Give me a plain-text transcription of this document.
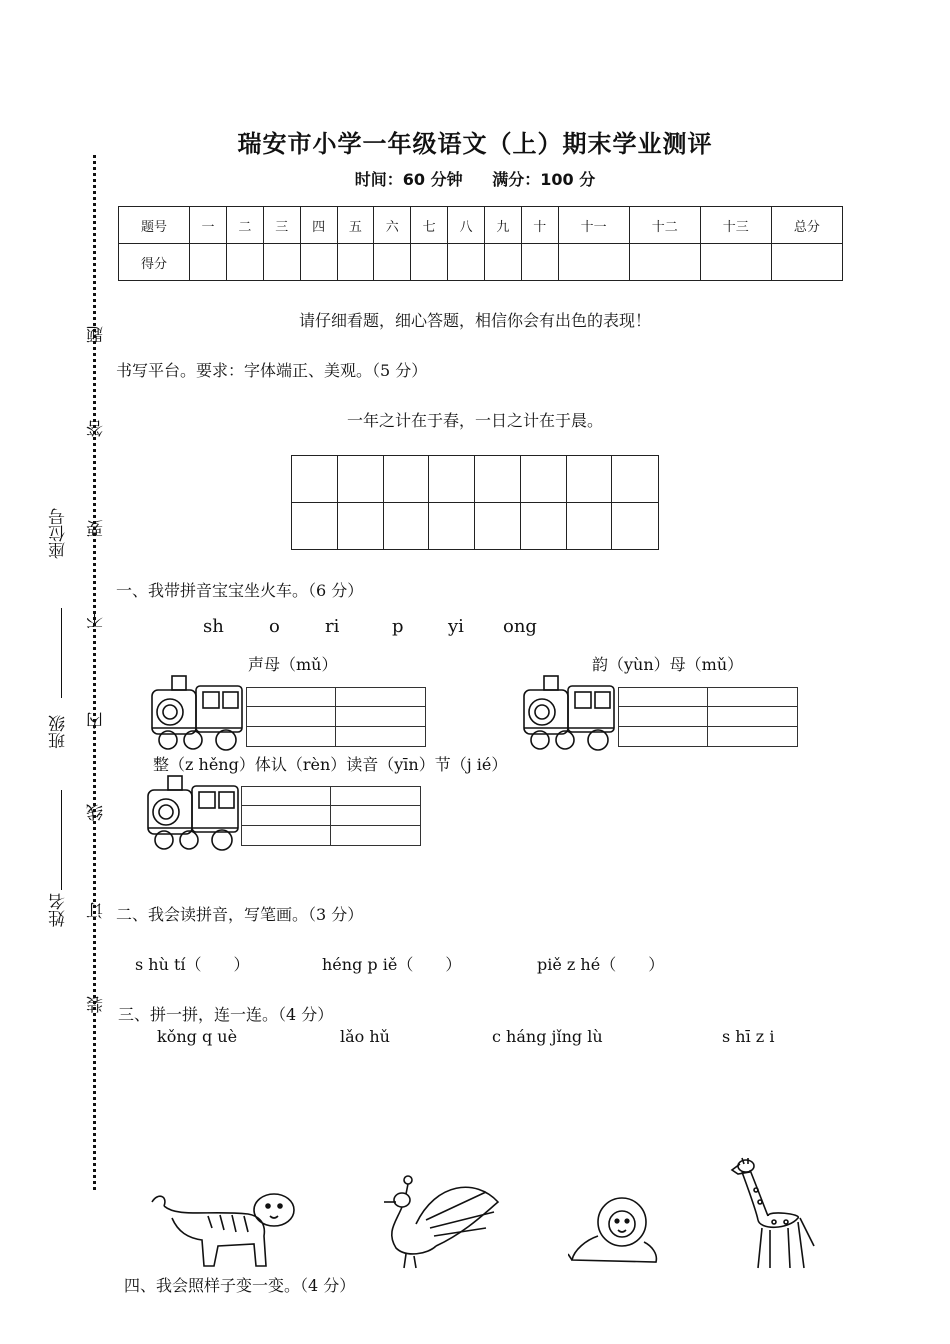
题
答
要
不
内
线
订
装
座位号
班级
姓名
瑞安市小学一年级语文（上）期末学业测评
时间：60 分钟 满分：100 分
题号	一	二	三	四	五	六	七	八	九	十	十一	十二	十三	总分
得分														
请仔细看题，细心答题，相信你会有出色的表现！
书写平台。要求：字体端正、美观。（5 分）
一年之计在于春，一日之计在于晨。
一、我带拼音宝宝坐火车。（6 分）
sh	o	ri	p yi ong
声母（mǔ）	韵（yùn）母（mǔ）
整（z hěng）体认（rèn）读音（yīn）节（j ié）
二、我会读拼音，写笔画。（3 分）
s hù tí（　　）	héng p iě（　　）	piě z hé（　　）
三、拼一拼，连一连。（4 分）
kǒng q uè	lǎo hǔ	c háng jǐng lù	s hī z i
四、我会照样子变一变。（4 分）
